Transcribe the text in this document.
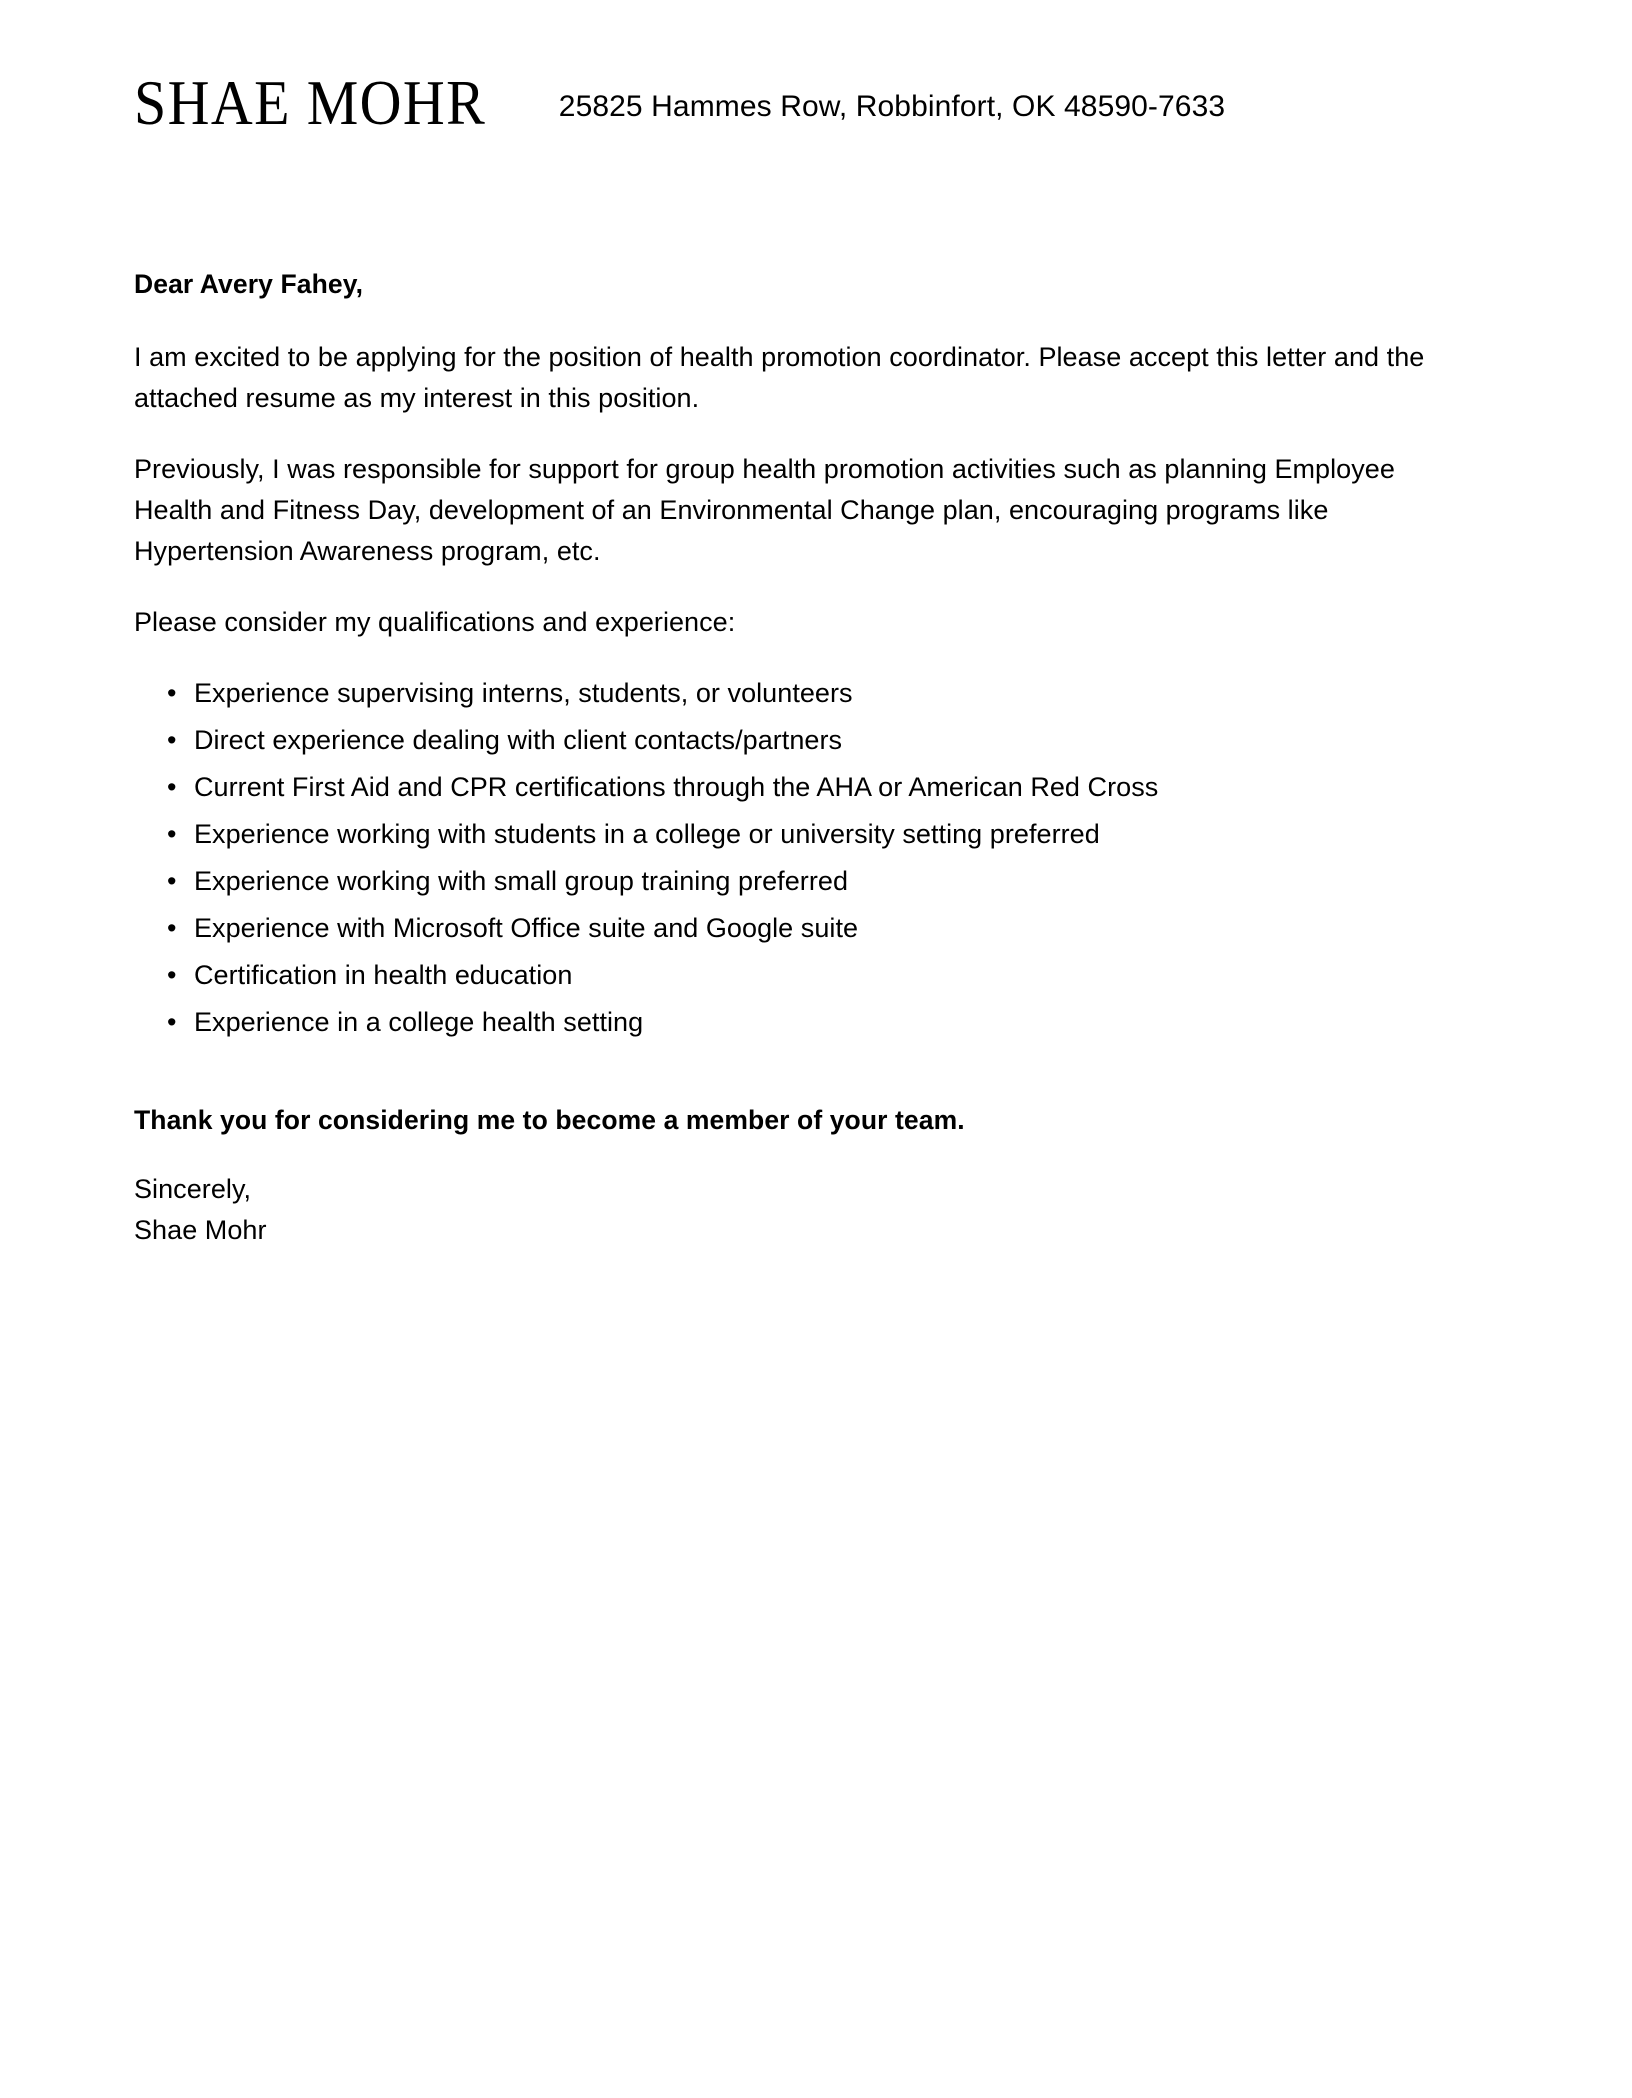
SHAE MOHR 25825 Hammes Row, Robbinfort, OK 48590-7633

Dear Avery Fahey,

I am excited to be applying for the position of health promotion coordinator. Please accept this letter and the attached resume as my interest in this position.

Previously, I was responsible for support for group health promotion activities such as planning Employee Health and Fitness Day, development of an Environmental Change plan, encouraging programs like Hypertension Awareness program, etc.

Please consider my qualifications and experience:

• Experience supervising interns, students, or volunteers
• Direct experience dealing with client contacts/partners
• Current First Aid and CPR certifications through the AHA or American Red Cross
• Experience working with students in a college or university setting preferred
• Experience working with small group training preferred
• Experience with Microsoft Office suite and Google suite
• Certification in health education
• Experience in a college health setting

Thank you for considering me to become a member of your team.

Sincerely,
Shae Mohr
